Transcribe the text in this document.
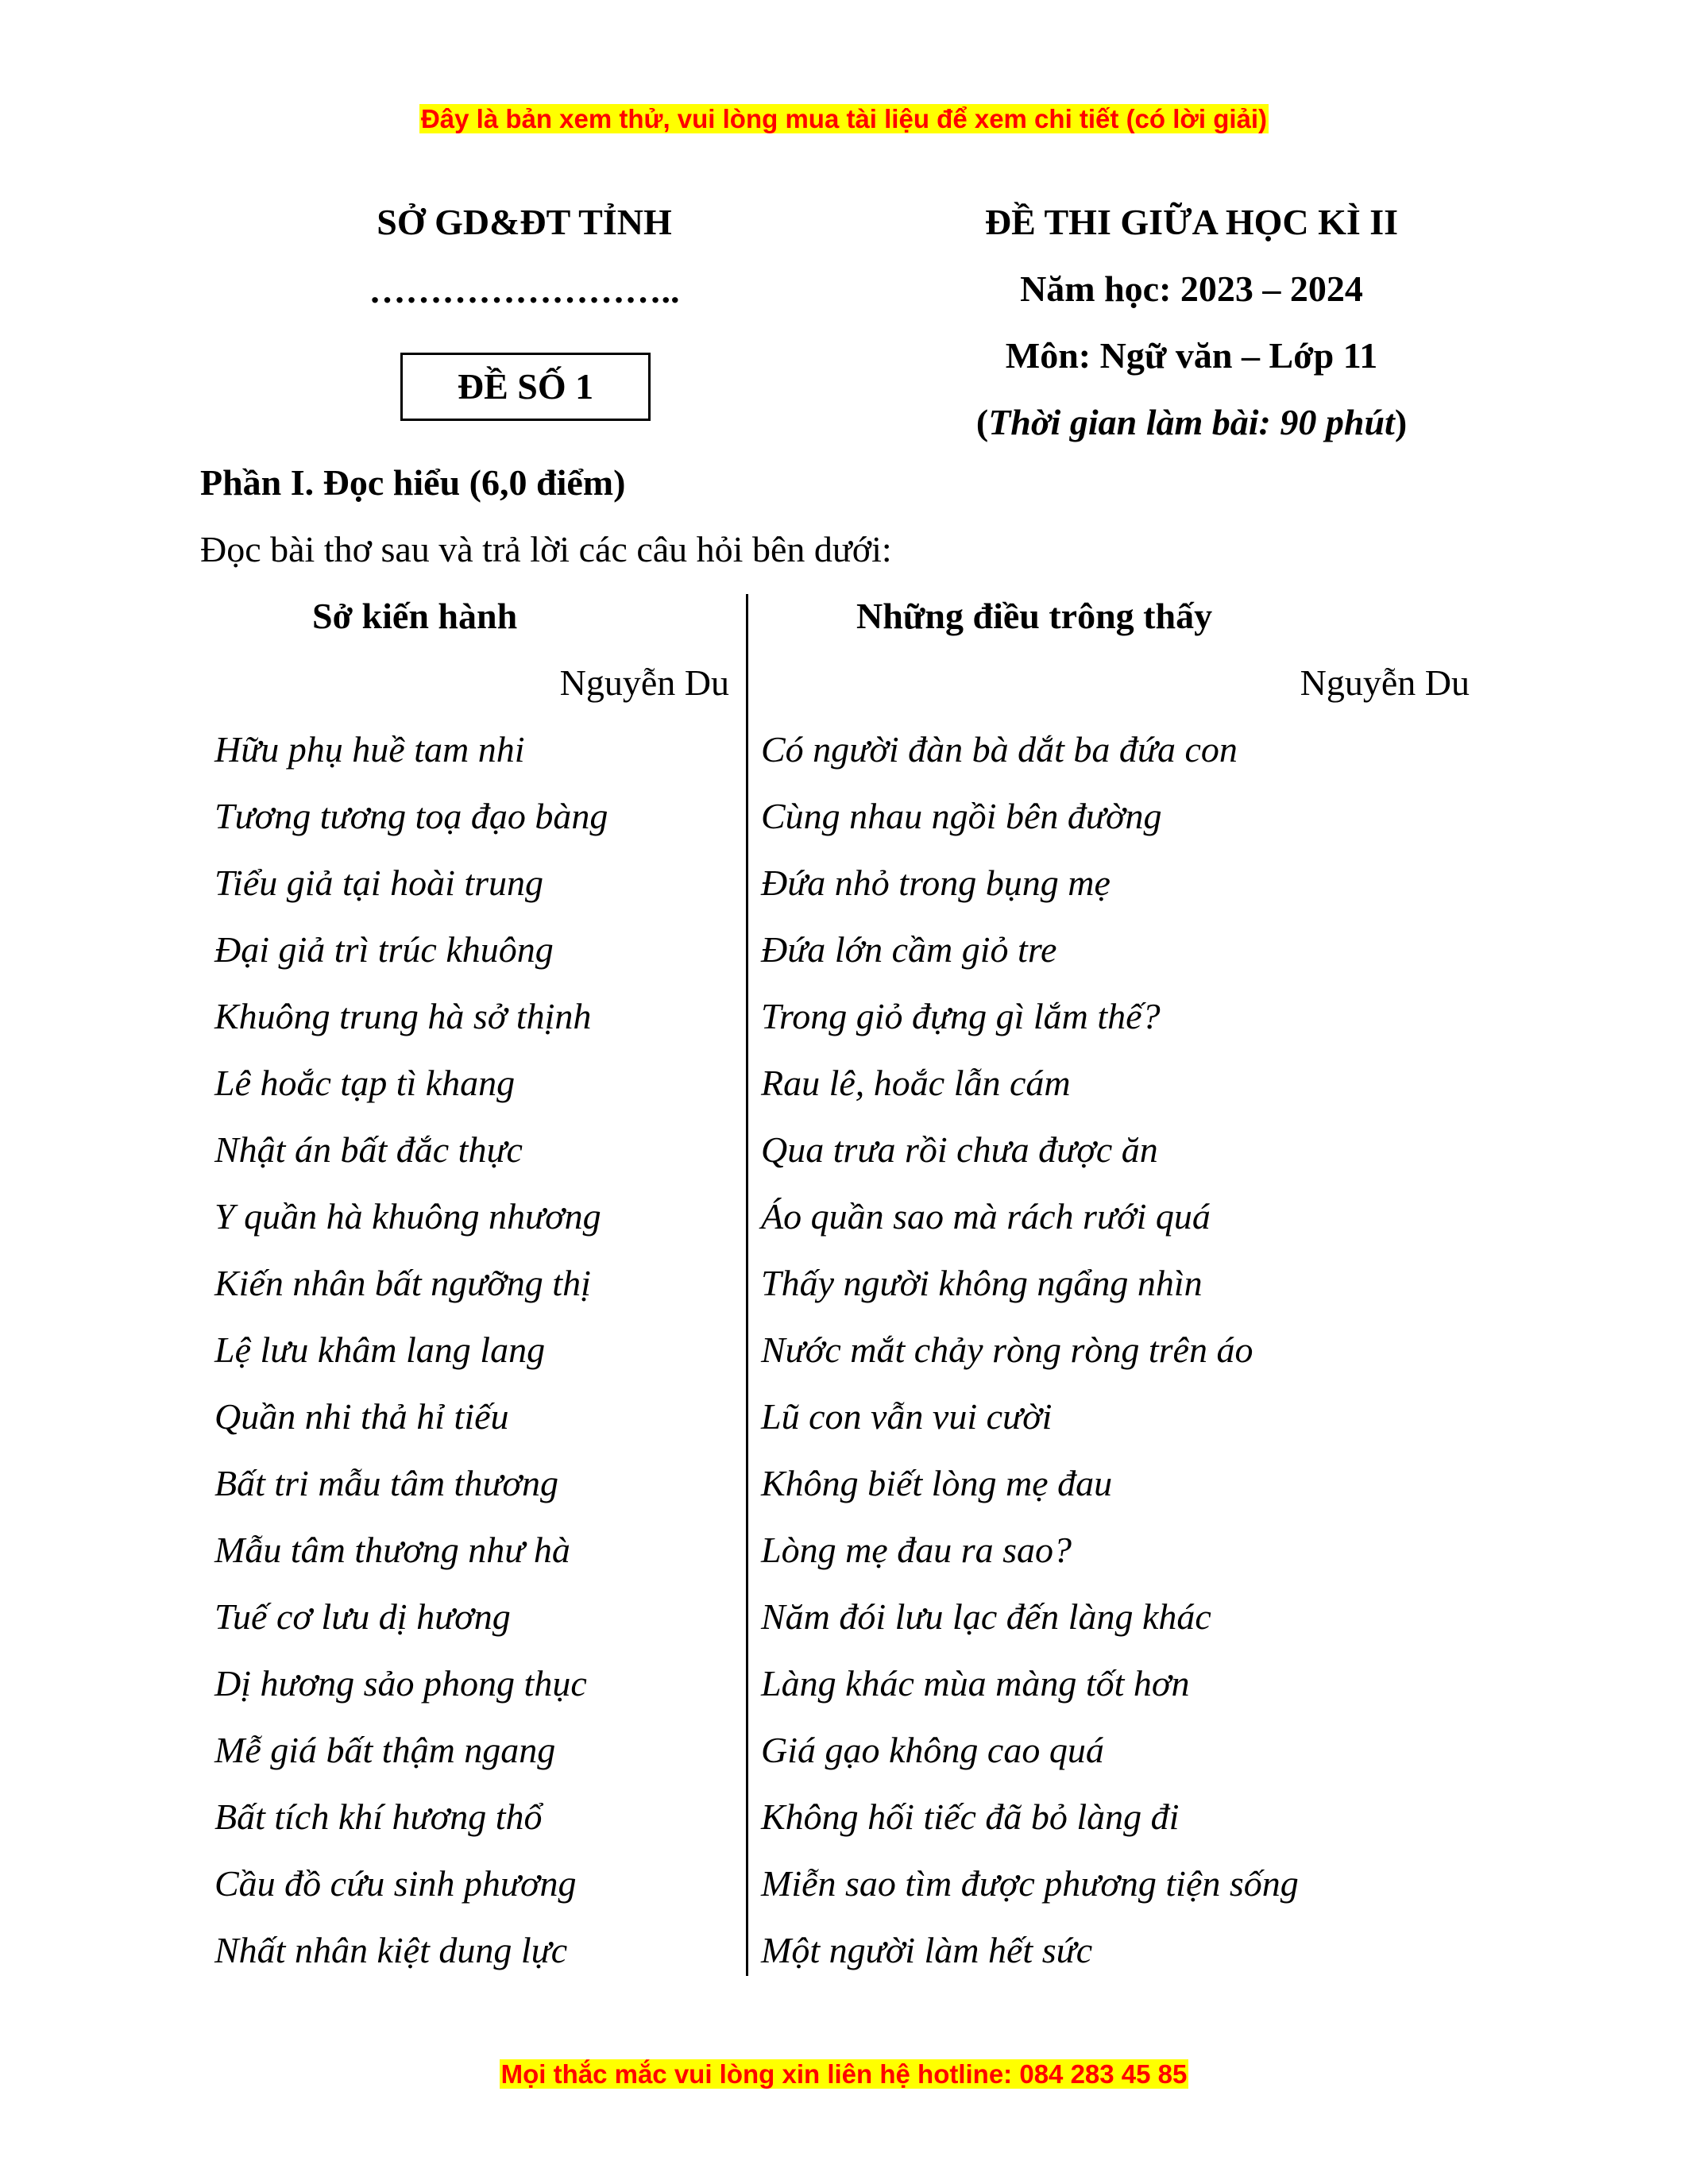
Đây là bản xem thử, vui lòng mua tài liệu để xem chi tiết (có lời giải)
SỞ GD&ĐT TỈNH
……………………..
ĐỀ SỐ 1
ĐỀ THI GIỮA HỌC KÌ II
Năm học: 2023 – 2024
Môn: Ngữ văn – Lớp 11
(Thời gian làm bài: 90 phút)
Phần I. Đọc hiểu (6,0 điểm)
Đọc bài thơ sau và trả lời các câu hỏi bên dưới:
Sở kiến hành	Những điều trông thấy
Nguyễn Du	Nguyễn Du
Hữu phụ huề tam nhi
Tương tương toạ đạo bàng
Tiểu giả tại hoài trung
Đại giả trì trúc khuông
Khuông trung hà sở thịnh
Lê hoắc tạp tì khang
Nhật án bất đắc thực
Y quần hà khuông nhương
Kiến nhân bất ngưỡng thị
Lệ lưu khâm lang lang
Quần nhi thả hỉ tiếu
Bất tri mẫu tâm thương
Mẫu tâm thương như hà
Tuế cơ lưu dị hương
Dị hương sảo phong thục
Mễ giá bất thậm ngang
Bất tích khí hương thổ
Cầu đồ cứu sinh phương
Nhất nhân kiệt dung lực
Có người đàn bà dắt ba đứa con
Cùng nhau ngồi bên đường
Đứa nhỏ trong bụng mẹ
Đứa lớn cầm giỏ tre
Trong giỏ đựng gì lắm thế?
Rau lê, hoắc lẫn cám
Qua trưa rồi chưa được ăn
Áo quần sao mà rách rưới quá
Thấy người không ngẩng nhìn
Nước mắt chảy ròng ròng trên áo
Lũ con vẫn vui cười
Không biết lòng mẹ đau
Lòng mẹ đau ra sao?
Năm đói lưu lạc đến làng khác
Làng khác mùa màng tốt hơn
Giá gạo không cao quá
Không hối tiếc đã bỏ làng đi
Miễn sao tìm được phương tiện sống
Một người làm hết sức
Mọi thắc mắc vui lòng xin liên hệ hotline: 084 283 45 85
